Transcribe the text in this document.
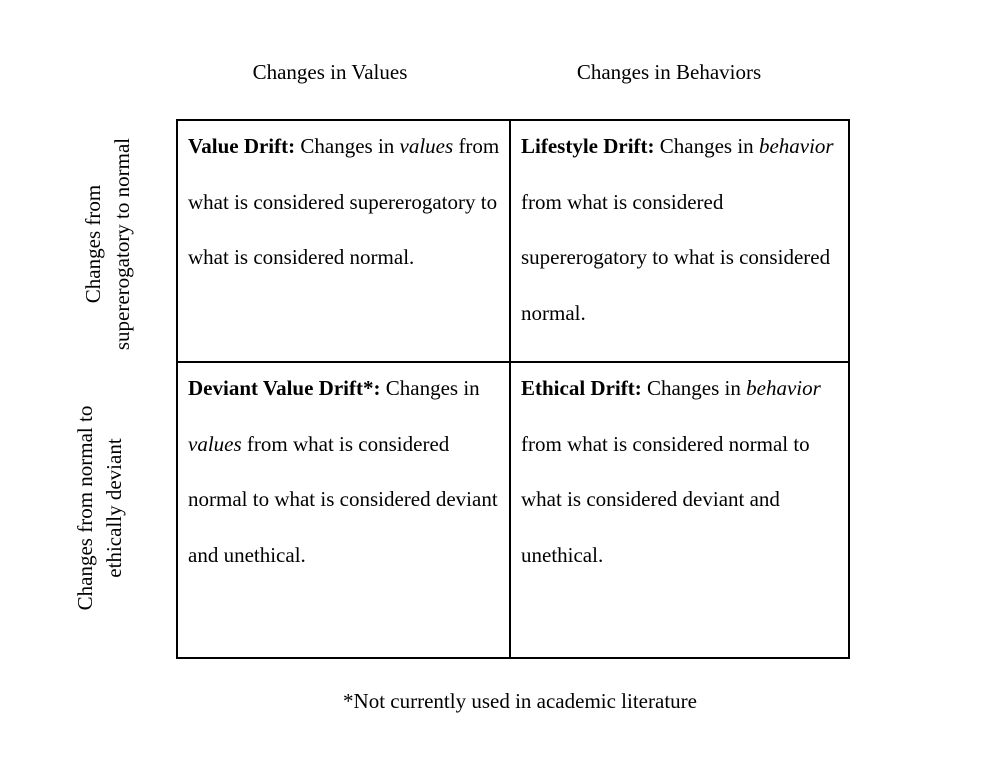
Changes in Values	Changes in Behaviors
Changes from supererogatory to normal
Changes from normal to ethically deviant
Value Drift: Changes in values from what is considered supererogatory to what is considered normal.
Lifestyle Drift: Changes in behavior from what is considered supererogatory to what is considered normal.
Deviant Value Drift*: Changes in values from what is considered normal to what is considered deviant and unethical.
Ethical Drift: Changes in behavior from what is considered normal to what is considered deviant and unethical.
*Not currently used in academic literature
